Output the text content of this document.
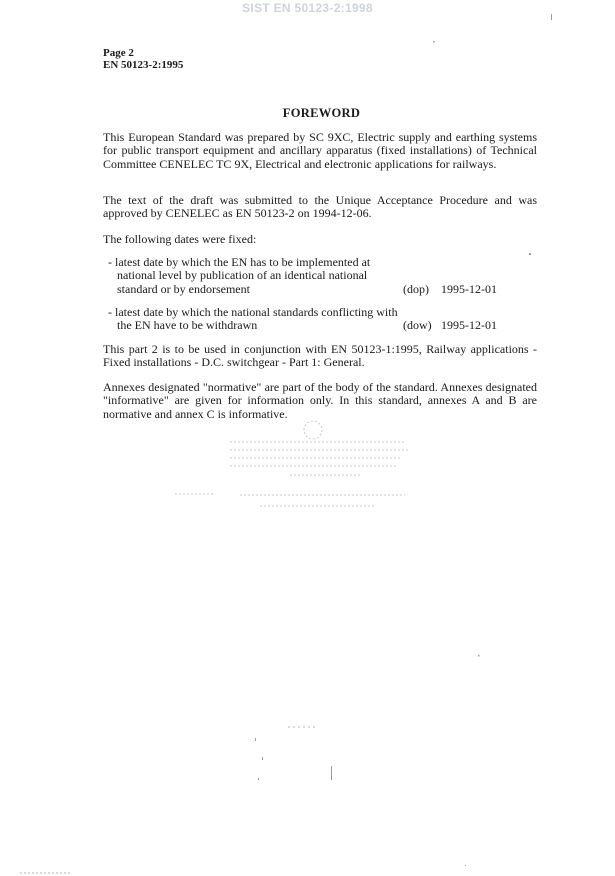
SIST EN 50123-2:1998
Page 2
EN 50123-2:1995
FOREWORD
This European Standard was prepared by SC 9XC, Electric supply and earthing systems for public transport equipment and ancillary apparatus (fixed installations) of Technical Committee CENELEC TC 9X, Electrical and electronic applications for railways.
The text of the draft was submitted to the Unique Acceptance Procedure and was approved by CENELEC as EN 50123-2 on 1994-12-06.
The following dates were fixed:
- latest date by which the EN has to be implemented at national level by publication of an identical national standard or by endorsement	(dop) 1995-12-01
- latest date by which the national standards conflicting with the EN have to be withdrawn	(dow) 1995-12-01
This part 2 is to be used in conjunction with EN 50123-1:1995, Railway applications - Fixed installations - D.C. switchgear - Part 1: General.
Annexes designated "normative" are part of the body of the standard. Annexes designated "informative" are given for information only. In this standard, annexes A and B are normative and annex C is informative.
